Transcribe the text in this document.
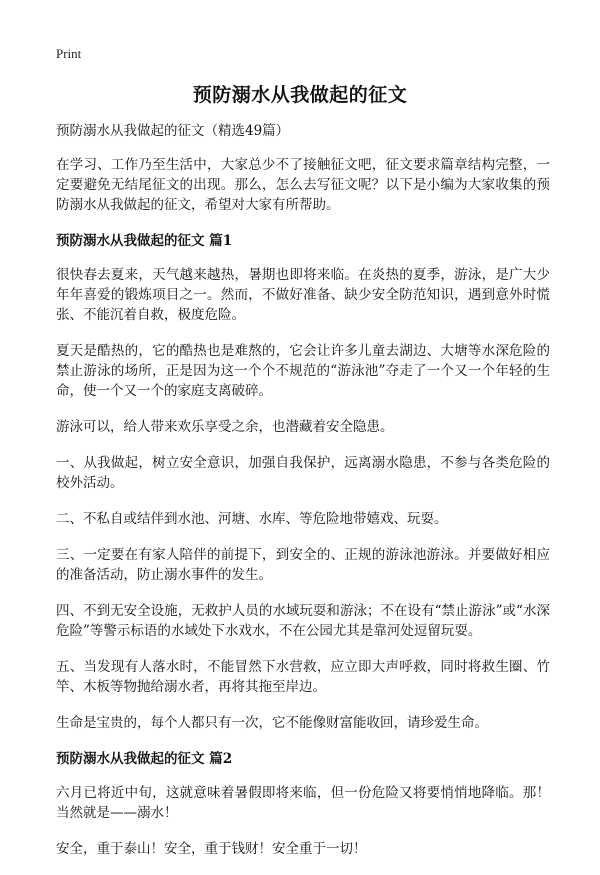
Print
预防溺水从我做起的征文

预防溺水从我做起的征文（精选49篇）

在学习、工作乃至生活中，大家总少不了接触征文吧，征文要求篇章结构完整，一定要避免无结尾征文的出现。那么，怎么去写征文呢？以下是小编为大家收集的预防溺水从我做起的征文，希望对大家有所帮助。

预防溺水从我做起的征文 篇1

很快春去夏来，天气越来越热，暑期也即将来临。在炎热的夏季，游泳，是广大少年年喜爱的锻炼项目之一。然而，不做好准备、缺少安全防范知识，遇到意外时慌张、不能沉着自救，极度危险。

夏天是酷热的，它的酷热也是难熬的，它会让许多儿童去湖边、大塘等水深危险的禁止游泳的场所，正是因为这一个个不规范的“游泳池”夺走了一个又一个年轻的生命，使一个又一个的家庭支离破碎。

游泳可以，给人带来欢乐享受之余，也潜藏着安全隐患。

一、从我做起，树立安全意识，加强自我保护，远离溺水隐患，不参与各类危险的校外活动。

二、不私自或结伴到水池、河塘、水库、等危险地带嬉戏、玩耍。

三、一定要在有家人陪伴的前提下，到安全的、正规的游泳池游泳。并要做好相应的准备活动，防止溺水事件的发生。

四、不到无安全设施，无救护人员的水域玩耍和游泳；不在设有“禁止游泳”或“水深危险”等警示标语的水域处下水戏水，不在公园尤其是靠河处逗留玩耍。

五、当发现有人落水时，不能冒然下水营救，应立即大声呼救，同时将救生圈、竹竿、木板等物抛给溺水者，再将其拖至岸边。

生命是宝贵的，每个人都只有一次，它不能像财富能收回，请珍爱生命。

预防溺水从我做起的征文 篇2

六月已将近中旬，这就意味着暑假即将来临，但一份危险又将要悄悄地降临。那！当然就是——溺水！

安全，重于泰山！安全，重于钱财！安全重于一切！
